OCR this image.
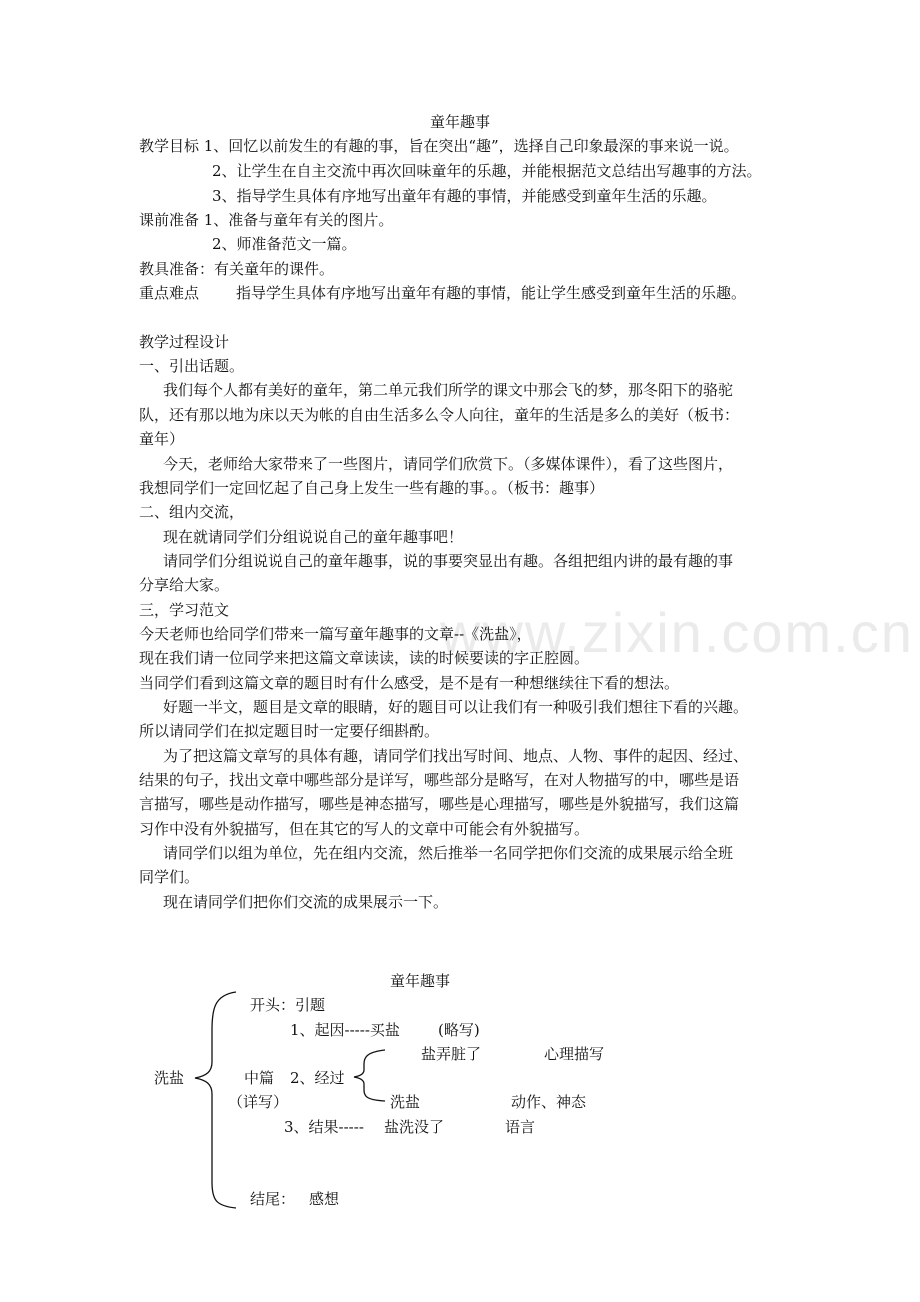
www.zixin.com.cn
童年趣事
教学目标 1、回忆以前发生的有趣的事，旨在突出“趣”，选择自己印象最深的事来说一说。
2、让学生在自主交流中再次回味童年的乐趣，并能根据范文总结出写趣事的方法。
3、指导学生具体有序地写出童年有趣的事情，并能感受到童年生活的乐趣。
课前准备 1、准备与童年有关的图片。
2、师准备范文一篇。
教具准备：有关童年的课件。
重点难点 指导学生具体有序地写出童年有趣的事情，能让学生感受到童年生活的乐趣。
教学过程设计
一、引出话题。
我们每个人都有美好的童年，第二单元我们所学的课文中那会飞的梦，那冬阳下的骆驼
队，还有那以地为床以天为帐的自由生活多么令人向往，童年的生活是多么的美好（板书：
童年）
今天，老师给大家带来了一些图片，请同学们欣赏下。（多媒体课件），看了这些图片，
我想同学们一定回忆起了自己身上发生一些有趣的事。。（板书：趣事）
二、组内交流，
现在就请同学们分组说说自己的童年趣事吧！
请同学们分组说说自己的童年趣事，说的事要突显出有趣。各组把组内讲的最有趣的事
分享给大家。
三，学习范文
今天老师也给同学们带来一篇写童年趣事的文章--《洗盐》，
现在我们请一位同学来把这篇文章读读，读的时候要读的字正腔圆。
当同学们看到这篇文章的题目时有什么感受，是不是有一种想继续往下看的想法。
好题一半文，题目是文章的眼睛，好的题目可以让我们有一种吸引我们想往下看的兴趣。
所以请同学们在拟定题目时一定要仔细斟酌。
为了把这篇文章写的具体有趣，请同学们找出写时间、地点、人物、事件的起因、经过、
结果的句子，找出文章中哪些部分是详写，哪些部分是略写，在对人物描写的中，哪些是语
言描写，哪些是动作描写，哪些是神态描写，哪些是心理描写，哪些是外貌描写，我们这篇
习作中没有外貌描写，但在其它的写人的文章中可能会有外貌描写。
请同学们以组为单位，先在组内交流，然后推举一名同学把你们交流的成果展示给全班
同学们。
现在请同学们把你们交流的成果展示一下。
童年趣事
开头：引题
1、起因-----买盐	(略写)
盐弄脏了	心理描写
洗盐	中篇 2、经过
（详写）	洗盐	动作、神态
3、结果----- 盐洗没了	语言
结尾： 感想
